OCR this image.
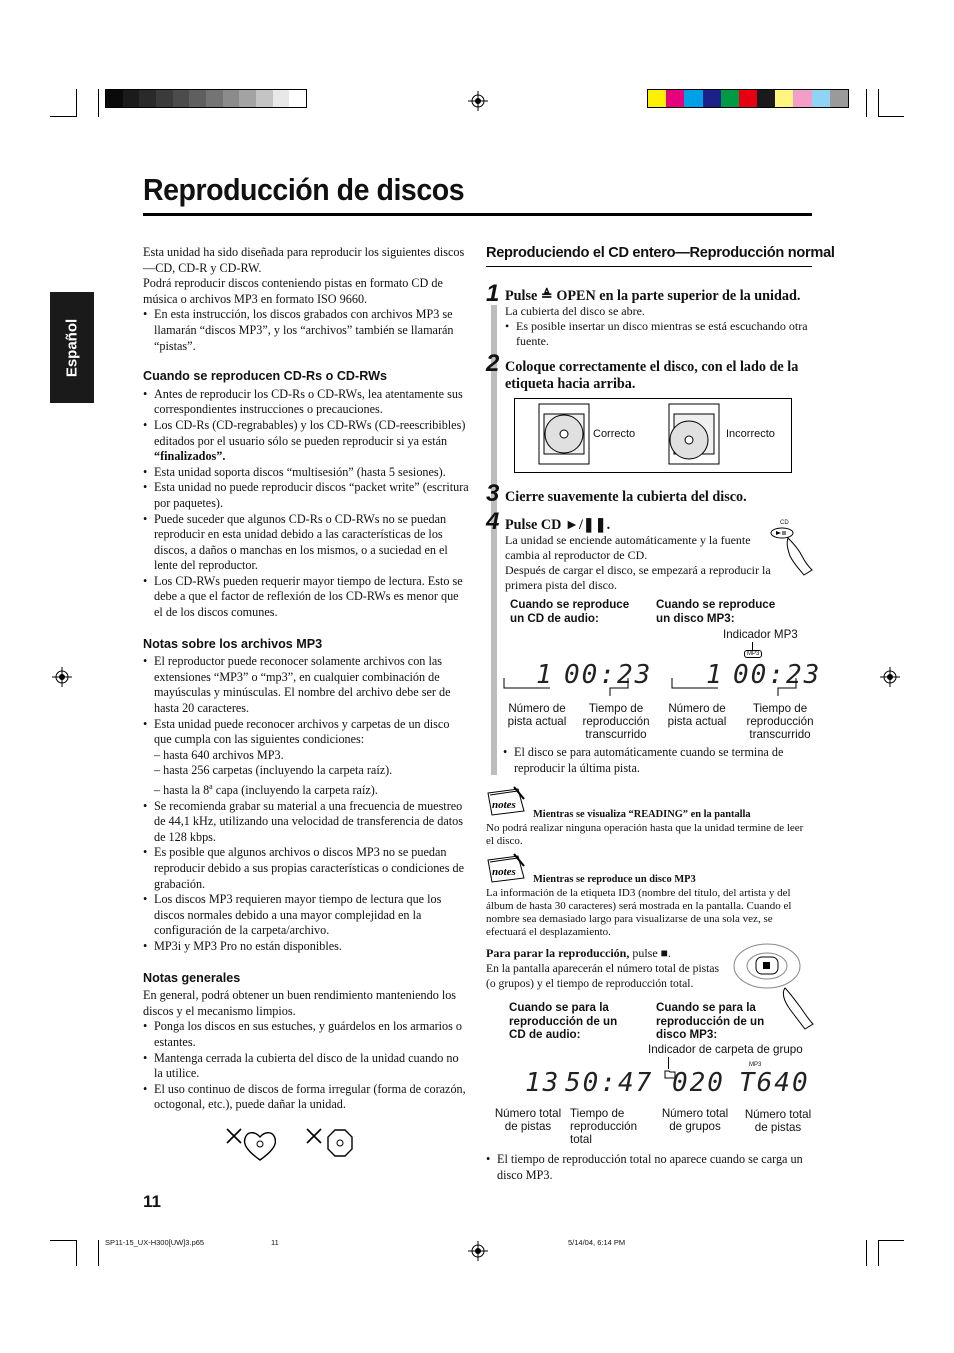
Reproducción de discos
Español
Esta unidad ha sido diseñada para reproducir los siguientes discos—CD, CD-R y CD-RW.
Podrá reproducir discos conteniendo pistas en formato CD de música o archivos MP3 en formato ISO 9660.
• En esta instrucción, los discos grabados con archivos MP3 se llamarán “discos MP3”, y los “archivos” también se llamarán “pistas”.
Cuando se reproducen CD-Rs o CD-RWs
• Antes de reproducir los CD-Rs o CD-RWs, lea atentamente sus correspondientes instrucciones o precauciones.
• Los CD-Rs (CD-regrabables) y los CD-RWs (CD-reescribibles) editados por el usuario sólo se pueden reproducir si ya están “finalizados”.
• Esta unidad soporta discos “multisesión” (hasta 5 sesiones).
• Esta unidad no puede reproducir discos “packet write” (escritura por paquetes).
• Puede suceder que algunos CD-Rs o CD-RWs no se puedan reproducir en esta unidad debido a las características de los discos, a daños o manchas en los mismos, o a suciedad en el lente del reproductor.
• Los CD-RWs pueden requerir mayor tiempo de lectura. Esto se debe a que el factor de reflexión de los CD-RWs es menor que el de los discos comunes.
Notas sobre los archivos MP3
• El reproductor puede reconocer solamente archivos con las extensiones “MP3” o “mp3”, en cualquier combinación de mayúsculas y minúsculas. El nombre del archivo debe ser de hasta 20 caracteres.
• Esta unidad puede reconocer archivos y carpetas de un disco que cumpla con las siguientes condiciones:
– hasta 640 archivos MP3.
– hasta 256 carpetas (incluyendo la carpeta raíz).
– hasta la 8$^a$ capa (incluyendo la carpeta raíz).
• Se recomienda grabar su material a una frecuencia de muestreo de 44,1 kHz, utilizando una velocidad de transferencia de datos de 128 kbps.
• Es posible que algunos archivos o discos MP3 no se puedan reproducir debido a sus propias características o condiciones de grabación.
• Los discos MP3 requieren mayor tiempo de lectura que los discos normales debido a una mayor complejidad en la configuración de la carpeta/archivo.
• MP3i y MP3 Pro no están disponibles.
Notas generales
En general, podrá obtener un buen rendimiento manteniendo los discos y el mecanismo limpios.
• Ponga los discos en sus estuches, y guárdelos en los armarios o estantes.
• Mantenga cerrada la cubierta del disco de la unidad cuando no la utilice.
• El uso continuo de discos de forma irregular (forma de corazón, octogonal, etc.), puede dañar la unidad.
11
Reproduciendo el CD entero—Reproducción normal
1 Pulse ≜ OPEN en la parte superior de la unidad.
La cubierta del disco se abre.
• Es posible insertar un disco mientras se está escuchando otra fuente.
2 Coloque correctamente el disco, con el lado de la etiqueta hacia arriba.
Correcto	Incorrecto
3 Cierre suavemente la cubierta del disco.
4 Pulse CD ►/❚❚.
La unidad se enciende automáticamente y la fuente cambia al reproductor de CD.
Después de cargar el disco, se empezará a reproducir la primera pista del disco.
CD
Cuando se reproduce un CD de audio:
Cuando se reproduce un disco MP3:
Indicador MP3
MP3
1 00:23 1 00:23
Número de pista actual
Tiempo de reproducción transcurrido
Número de pista actual
Tiempo de reproducción transcurrido
• El disco se para automáticamente cuando se termina de reproducir la última pista.
notes
Mientras se visualiza “READING” en la pantalla
No podrá realizar ninguna operación hasta que la unidad termine de leer el disco.
notes
Mientras se reproduce un disco MP3
La información de la etiqueta ID3 (nombre del título, del artista y del álbum de hasta 30 caracteres) será mostrada en la pantalla. Cuando el nombre sea demasiado largo para visualizarse de una sola vez, se efectuará el desplazamiento.
Para parar la reproducción, pulse ■.
En la pantalla aparecerán el número total de pistas (o grupos) y el tiempo de reproducción total.
Cuando se para la reproducción de un CD de audio:
Cuando se para la reproducción de un disco MP3:
Indicador de carpeta de grupo
MP3
13 50:47 020 T640
Número total de pistas
Tiempo de reproducción total
Número total de grupos
Número total de pistas
• El tiempo de reproducción total no aparece cuando se carga un disco MP3.
SP11-15_UX-H300[UW]3.p65	11	5/14/04, 6:14 PM
